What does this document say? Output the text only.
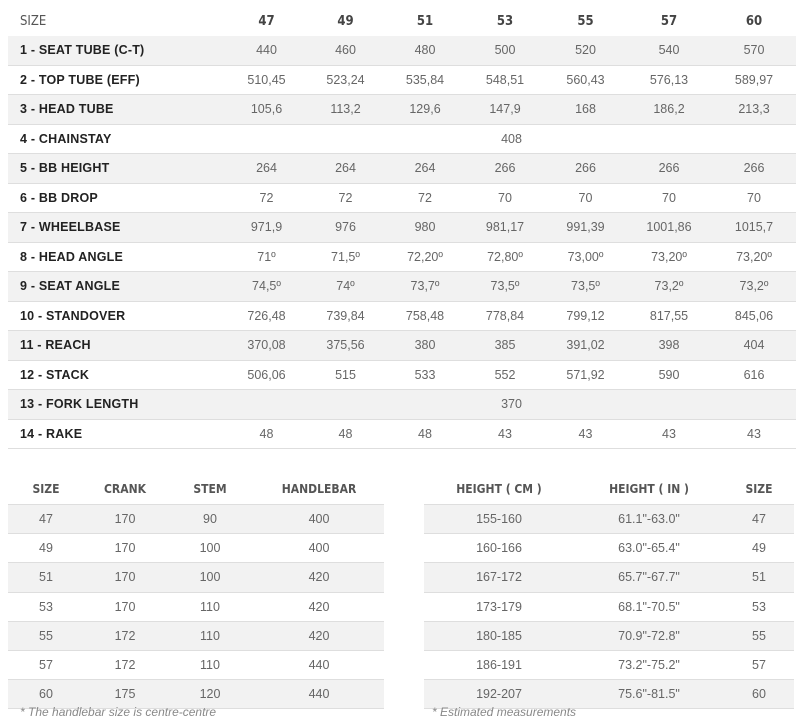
SIZE	47	49	51	53	55	57	60
1 - SEAT TUBE (C-T)	440	460	480	500	520	540	570
2 - TOP TUBE (EFF)	510,45	523,24	535,84	548,51	560,43	576,13	589,97
3 - HEAD TUBE	105,6	113,2	129,6	147,9	168	186,2	213,3
4 - CHAINSTAY	408						
5 - BB HEIGHT	264	264	264	266	266	266	266
6 - BB DROP	72	72	72	70	70	70	70
7 - WHEELBASE	971,9	976	980	981,17	991,39	1001,86	1015,7
8 - HEAD ANGLE	71º	71,5º	72,20º	72,80º	73,00º	73,20º	73,20º
9 - SEAT ANGLE	74,5º	74º	73,7º	73,5º	73,5º	73,2º	73,2º
10 - STANDOVER	726,48	739,84	758,48	778,84	799,12	817,55	845,06
11 - REACH	370,08	375,56	380	385	391,02	398	404
12 - STACK	506,06	515	533	552	571,92	590	616
13 - FORK LENGTH	370						
14 - RAKE	48	48	48	43	43	43	43
SIZE	CRANK	STEM	HANDLEBAR
47	170	90	400
49	170	100	400
51	170	100	420
53	170	110	420
55	172	110	420
57	172	110	440
60	175	120	440
HEIGHT ( CM )	HEIGHT ( IN )	SIZE
155-160	61.1"-63.0"	47
160-166	63.0"-65.4"	49
167-172	65.7"-67.7"	51
173-179	68.1"-70.5"	53
180-185	70.9"-72.8"	55
186-191	73.2"-75.2"	57
192-207	75.6"-81.5"	60
* The handlebar size is centre-centre	* Estimated measurements
